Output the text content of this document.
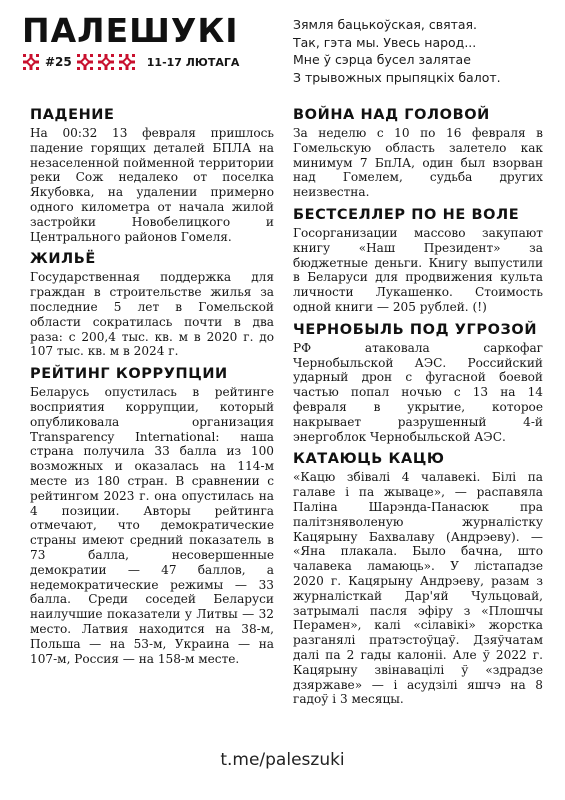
ПАЛЕШУКІ
#25	11-17 ЛЮТАГА
Зямля бацькоўская, святая.
Так, гэта мы. Увесь народ...
Мне ў сэрца бусел залятае
З трывожных прыпяцкіх балот.
ПАДЕНИЕ

На 00:32 13 февраля пришлось падение горящих деталей БПЛА на незаселенной пойменной территории реки Сож недалеко от поселка Якубовка, на удалении примерно одного километра от начала жилой застройки Новобелицкого и Центрального районов Гомеля.

ЖИЛЬЁ

Государственная поддержка для граждан в строительстве жилья за последние 5 лет в Гомельской области сократилась почти в два раза: с 200,4 тыс. кв. м в 2020 г. до 107 тыс. кв. м в 2024 г.

РЕЙТИНГ КОРРУПЦИИ

Беларусь опустилась в рейтинге восприятия коррупции, который опубликовала организация Transparency International: наша страна получила 33 балла из 100 возможных и оказалась на 114-м месте из 180 стран. В сравнении с рейтингом 2023 г. она опустилась на 4 позиции. Авторы рейтинга отмечают, что демократические страны имеют средний показатель в 73 балла, несовершенные демократии — 47 баллов, а недемократические режимы — 33 балла. Среди соседей Беларуси наилучшие показатели у Литвы — 32 место. Латвия находится на 38-м, Польша — на 53-м, Украина — на 107-м, Россия — на 158-м месте.

ВОЙНА НАД ГОЛОВОЙ

За неделю с 10 по 16 февраля в Гомельскую область залетело как минимум 7 БпЛА, один был взорван над Гомелем, судьба других неизвестна.

БЕСТСЕЛЛЕР ПО НЕ ВОЛЕ

Госорганизации массово закупают книгу «Наш Президент» за бюджетные деньги. Книгу выпустили в Беларуси для продвижения культа личности Лукашенко. Стоимость одной книги — 205 рублей. (!)

ЧЕРНОБЫЛЬ ПОД УГРОЗОЙ

РФ атаковала саркофаг Чернобыльской АЭС. Российский ударный дрон с фугасной боевой частью попал ночью с 13 на 14 февраля в укрытие, которое накрывает разрушенный 4-й энергоблок Чернобыльской АЭС.

КАТАЮЦЬ КАЦЮ

«Кацю збівалі 4 чалавекі. Білі па галаве і па жываце», — распавяла Паліна Шарэнда-Панасюк пра палітзняволеную журналістку Кацярыну Бахвалаву (Андрэеву). — «Яна плакала. Было бачна, што чалавека ламаюць». У лістападзе 2020 г. Кацярыну Андрэеву, разам з журналісткай Дар'яй Чульцовай, затрымалі пасля эфіру з «Плошчы Перамен», калі «сілавікі» жорстка разганялі пратэстоўцаў. Дзяўчатам далі па 2 гады калоніі. Але ў 2022 г. Кацярыну звінавацілі ў «здрадзе дзяржаве» — і асудзілі яшчэ на 8 гадоў і 3 месяцы.

t.me/paleszuki
